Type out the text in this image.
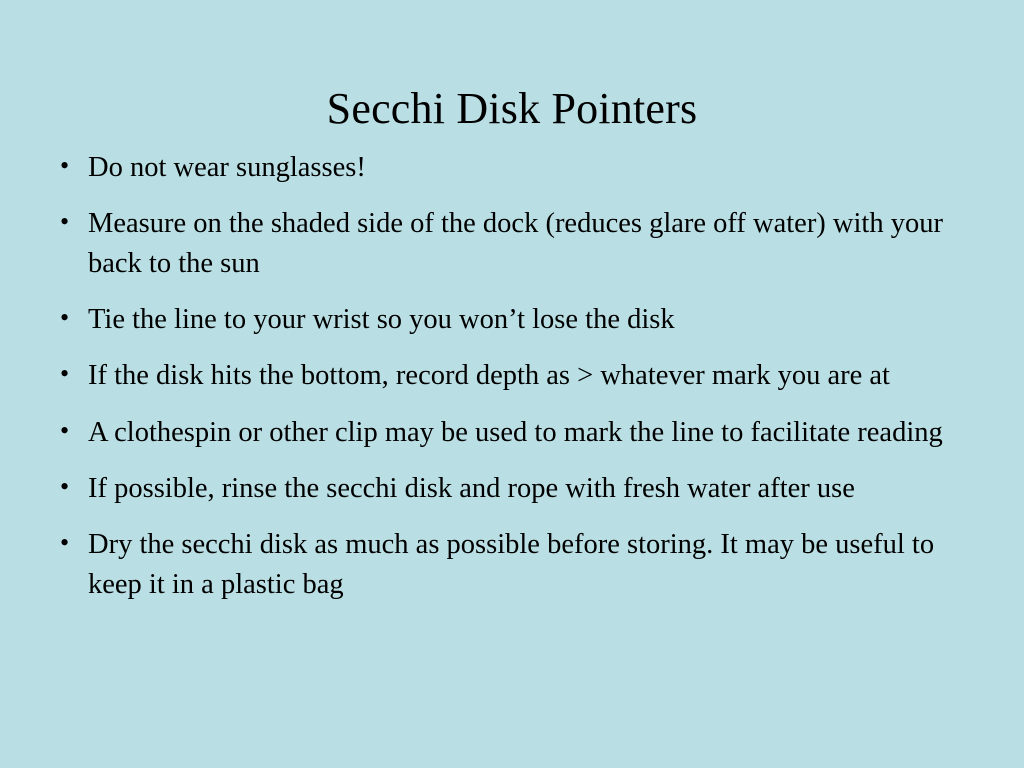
Secchi Disk Pointers
• Do not wear sunglasses!
• Measure on the shaded side of the dock (reduces glare off water) with your back to the sun
• Tie the line to your wrist so you won’t lose the disk
• If the disk hits the bottom, record depth as > whatever mark you are at
• A clothespin or other clip may be used to mark the line to facilitate reading
• If possible, rinse the secchi disk and rope with fresh water after use
• Dry the secchi disk as much as possible before storing. It may be useful to keep it in a plastic bag
